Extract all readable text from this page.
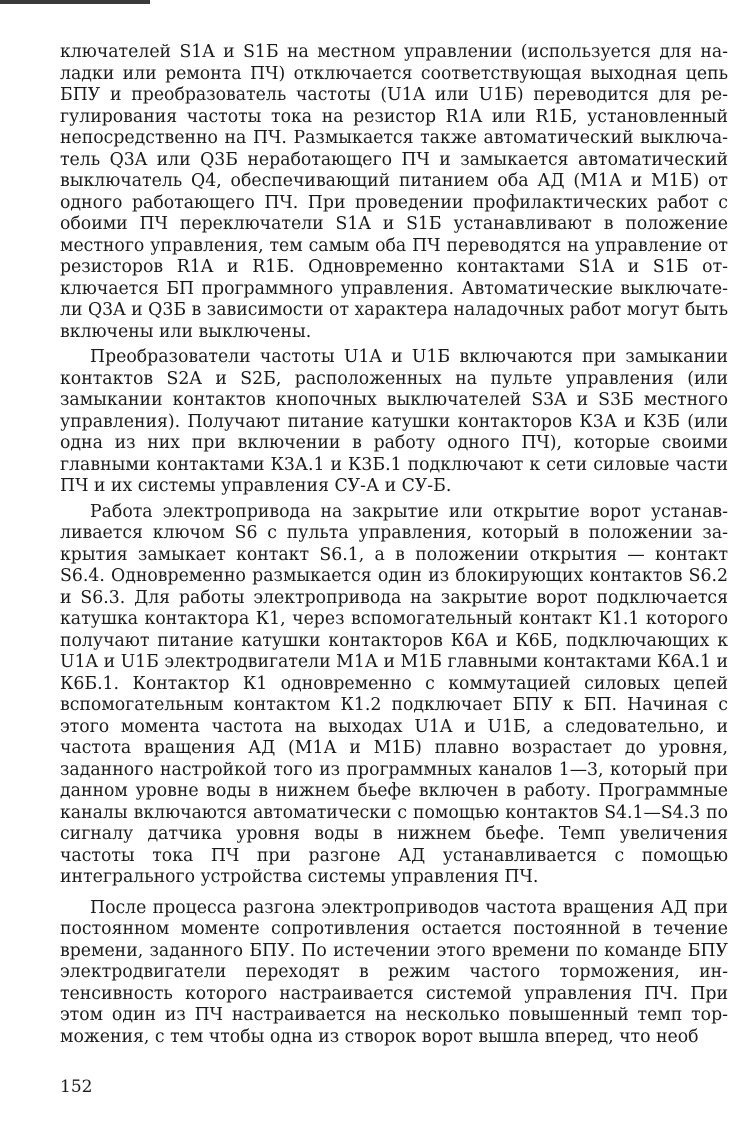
ключателей S1A и S1Б на местном управлении (используется для наладки или ремонта ПЧ) отключается соответствующая выходная цепь БПУ и преобразователь частоты (U1A или U1Б) переводится для регулирования частоты тока на резистор R1A или R1Б, установленный непосредственно на ПЧ. Размыкается также автоматический выключатель Q3A или Q3Б неработающего ПЧ и замыкается автоматический выключатель Q4, обеспечивающий питанием оба АД (М1А и М1Б) от одного работающего ПЧ. При проведении профилактических работ с обоими ПЧ переключатели S1A и S1Б устанавливают в положение местного управления, тем самым оба ПЧ переводятся на управление от резисторов R1A и R1Б. Одновременно контактами S1A и S1Б отключается БП программного управления. Автоматические выключатели Q3A и Q3Б в зависимости от характера наладочных работ могут быть включены или выключены.

Преобразователи частоты U1A и U1Б включаются при замыкании контактов S2A и S2Б, расположенных на пульте управления (или замыкании контактов кнопочных выключателей S3A и S3Б местного управления). Получают питание катушки контакторов К3А и К3Б (или одна из них при включении в работу одного ПЧ), которые своими главными контактами К3А.1 и К3Б.1 подключают к сети силовые части ПЧ и их системы управления СУ-А и СУ-Б.

Работа электропривода на закрытие или открытие ворот устанавливается ключом S6 с пульта управления, который в положении закрытия замыкает контакт S6.1, а в положении открытия — контакт S6.4. Одновременно размыкается один из блокирующих контактов S6.2 и S6.3. Для работы электропривода на закрытие ворот подключается катушка контактора К1, через вспомогательный контакт К1.1 которого получают питание катушки контакторов К6А и К6Б, подключающих к U1A и U1Б электродвигатели М1А и М1Б главными контактами К6А.1 и К6Б.1. Контактор К1 одновременно с коммутацией силовых цепей вспомогательным контактом К1.2 подключает БПУ к БП. Начиная с этого момента частота на выходах U1A и U1Б, а следовательно, и частота вращения АД (М1А и М1Б) плавно возрастает до уровня, заданного настройкой того из программных каналов 1—3, который при данном уровне воды в нижнем бьефе включен в работу. Программные каналы включаются автоматически с помощью контактов S4.1—S4.3 по сигналу датчика уровня воды в нижнем бьефе. Темп увеличения частоты тока ПЧ при разгоне АД устанавливается с помощью интегрального устройства системы управления ПЧ.

После процесса разгона электроприводов частота вращения АД при постоянном моменте сопротивления остается постоянной в течение времени, заданного БПУ. По истечении этого времени по команде БПУ электродвигатели переходят в режим частого торможения, интенсивность которого настраивается системой управления ПЧ. При этом один из ПЧ настраивается на несколько повышенный темп торможения, с тем чтобы одна из створок ворот вышла вперед, что необ

152
